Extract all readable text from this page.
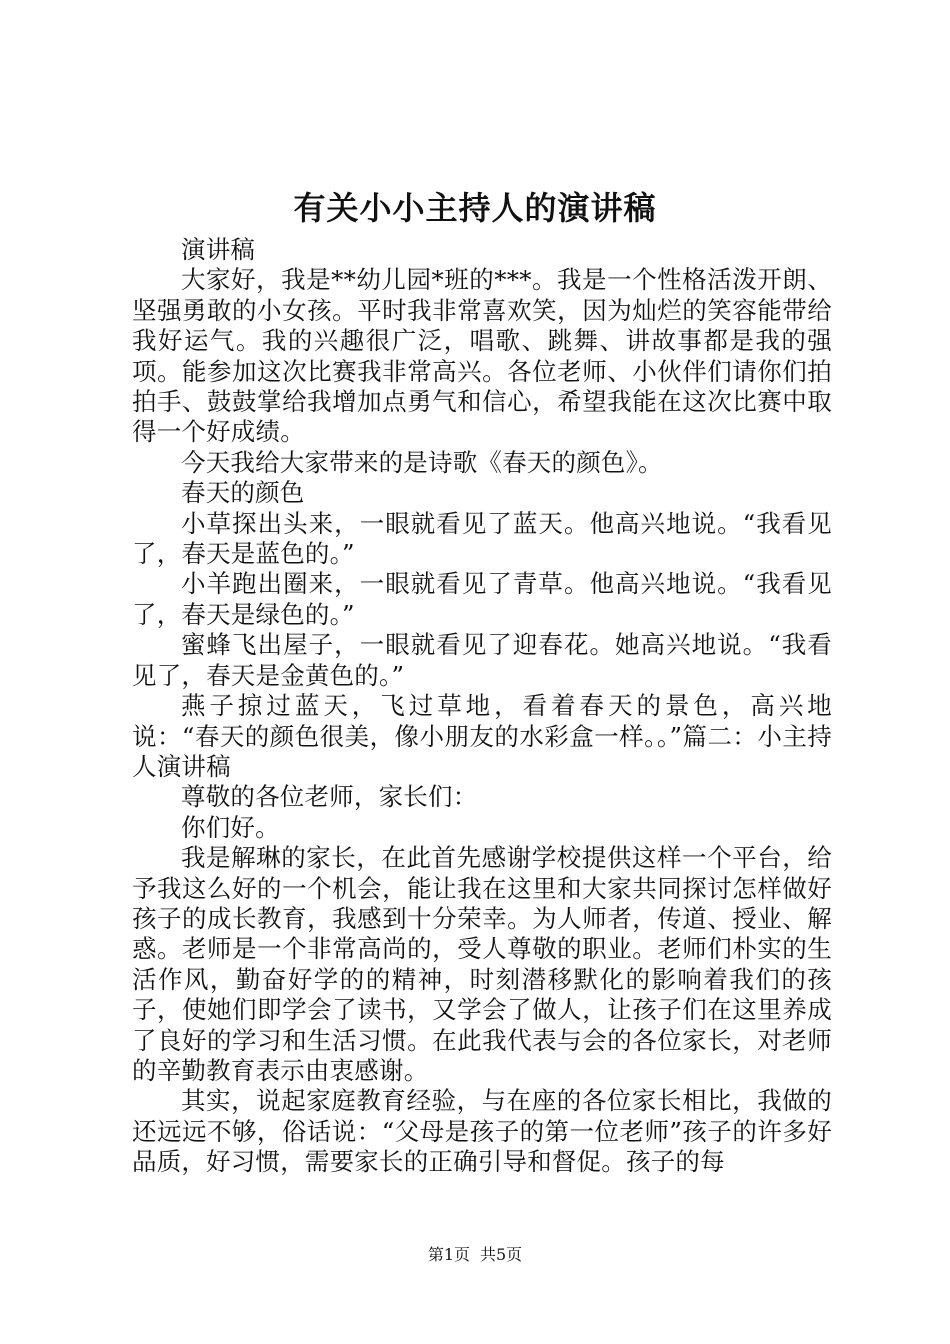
有关小小主持人的演讲稿

演讲稿

大家好，我是**幼儿园*班的***。我是一个性格活泼开朗、坚强勇敢的小女孩。平时我非常喜欢笑，因为灿烂的笑容能带给我好运气。我的兴趣很广泛，唱歌、跳舞、讲故事都是我的强项。能参加这次比赛我非常高兴。各位老师、小伙伴们请你们拍拍手、鼓鼓掌给我增加点勇气和信心，希望我能在这次比赛中取得一个好成绩。

今天我给大家带来的是诗歌《春天的颜色》。

春天的颜色

小草探出头来，一眼就看见了蓝天。他高兴地说。“我看见了，春天是蓝色的。”

小羊跑出圈来，一眼就看见了青草。他高兴地说。“我看见了，春天是绿色的。”

蜜蜂飞出屋子，一眼就看见了迎春花。她高兴地说。“我看见了，春天是金黄色的。”

燕子掠过蓝天，飞过草地，看着春天的景色，高兴地说：“春天的颜色很美，像小朋友的水彩盒一样。。”篇二：小主持人演讲稿

尊敬的各位老师，家长们：

你们好。

我是解琳的家长，在此首先感谢学校提供这样一个平台，给予我这么好的一个机会，能让我在这里和大家共同探讨怎样做好孩子的成长教育，我感到十分荣幸。为人师者，传道、授业、解惑。老师是一个非常高尚的，受人尊敬的职业。老师们朴实的生活作风，勤奋好学的的精神，时刻潜移默化的影响着我们的孩子，使她们即学会了读书，又学会了做人，让孩子们在这里养成了良好的学习和生活习惯。在此我代表与会的各位家长，对老师的辛勤教育表示由衷感谢。

其实，说起家庭教育经验，与在座的各位家长相比，我做的还远远不够，俗话说：“父母是孩子的第一位老师”孩子的许多好品质，好习惯，需要家长的正确引导和督促。孩子的每

第1页 共5页
